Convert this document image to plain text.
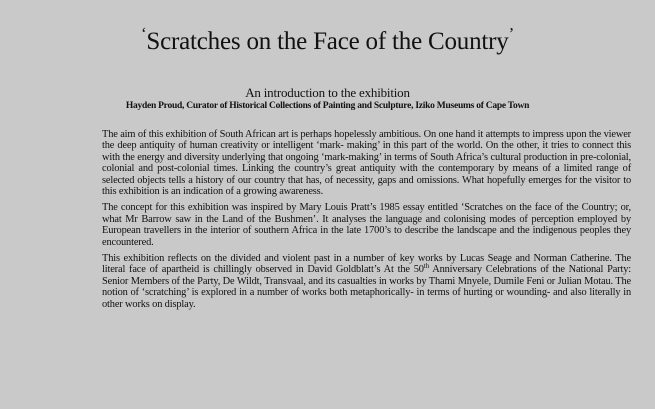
‘Scratches on the Face of the Country’
An introduction to the exhibition
Hayden Proud, Curator of Historical Collections of Painting and Sculpture, Iziko Museums of Cape Town

The aim of this exhibition of South African art is perhaps hopelessly ambitious. On one hand it attempts to impress upon the viewer the deep antiquity of human creativity or intelligent ‘mark- making’ in this part of the world. On the other, it tries to connect this with the energy and diversity underlying that ongoing ‘mark-making’ in terms of South Africa’s cultural production in pre-colonial, colonial and post-colonial times. Linking the country’s great antiquity with the contemporary by means of a limited range of selected objects tells a history of our country that has, of necessity, gaps and omissions. What hopefully emerges for the visitor to this exhibition is an indication of a growing awareness.

The concept for this exhibition was inspired by Mary Louis Pratt’s 1985 essay entitled ‘Scratches on the face of the Country; or, what Mr Barrow saw in the Land of the Bushmen’. It analyses the language and colonising modes of perception employed by European travellers in the interior of southern Africa in the late 1700’s to describe the landscape and the indigenous peoples they encountered.

This exhibition reflects on the divided and violent past in a number of key works by Lucas Seage and Norman Catherine. The literal face of apartheid is chillingly observed in David Goldblatt’s At the 50th Anniversary Celebrations of the National Party: Senior Members of the Party, De Wildt, Transvaal, and its casualties in works by Thami Mnyele, Dumile Feni or Julian Motau. The notion of ‘scratching’ is explored in a number of works both metaphorically- in terms of hurting or wounding- and also literally in other works on display.
